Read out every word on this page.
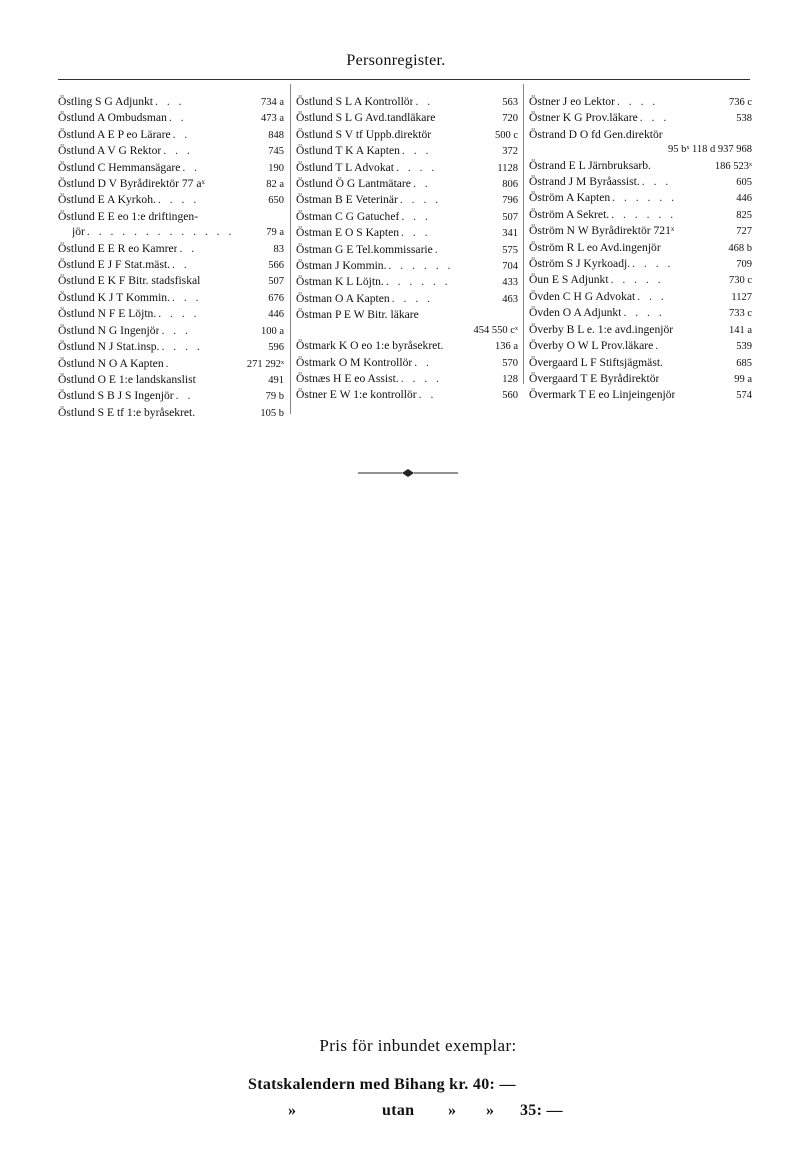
Personregister.
Östling S G Adjunkt . . .	734 a
Östlund A Ombudsman . .	473 a
Östlund A E P eo Lärare . .	848
Östlund A V G Rektor . . .	745
Östlund C Hemmansägare . .	190
Östlund D V Byrådirektör 77 aˣ	82 a
Östlund E A Kyrkoh. . . . .	650
Östlund E E eo 1:e driftingen-
jör . . . . . . . . . . . . .	79 a
Östlund E E R eo Kamrer . .	83
Östlund E J F Stat.mäst. . .	566
Östlund E K F Bitr. stadsfiskal	507
Östlund K J T Kommin. . . .	676
Östlund N F E Löjtn. . . . .	446
Östlund N G Ingenjör . . .	100 a
Östlund N J Stat.insp. . . . .	596
Östlund N O A Kapten .	271 292ˣ
Östlund O E 1:e landskanslist	491
Östlund S B J S Ingenjör . .	79 b
Östlund S E tf 1:e byråsekret.	105 b
Östlund S L A Kontrollör . .	563
Östlund S L G Avd.tandläkare	720
Östlund S V tf Uppb.direktör	500 c
Östlund T K A Kapten . . .	372
Östlund T L Advokat . . . .	1128
Östlund Ö G Lantmätare . .	806
Östman B E Veterinär . . . .	796
Östman C G Gatuchef . . .	507
Östman E O S Kapten . . .	341
Östman G E Tel.kommissarie .	575
Östman J Kommin. . . . . . .	704
Östman K L Löjtn. . . . . . .	433
Östman O A Kapten . . . .	463
Östman P E W Bitr. läkare
454 550 cˣ
Östmark K O eo 1:e byråsekret.	136 a
Östmark O M Kontrollör . .	570
Östnæs H E eo Assist. . . . .	128
Östner E W 1:e kontrollör . .	560
Östner J eo Lektor . . . .	736 c
Östner K G Prov.läkare . . .	538
Östrand D O fd Gen.direktör
95 bˣ 118 d 937 968
Östrand E L Järnbruksarb.	186 523ˣ
Östrand J M Byråassist. . . .	605
Öström A Kapten . . . . . .	446
Öström A Sekret. . . . . . .	825
Öström N W Byrådirektör 721ˣ	727
Öström R L eo Avd.ingenjör	468 b
Öström S J Kyrkoadj. . . . .	709
Öun E S Adjunkt . . . . .	730 c
Övden C H G Advokat . . .	1127
Övden O A Adjunkt . . . .	733 c
Överby B L e. 1:e avd.ingenjör	141 a
Överby O W L Prov.läkare .	539
Övergaard L F Stiftsjägmäst.	685
Övergaard T E Byrådirektör	99 a
Övermark T E eo Linjeingenjör	574
Pris för inbundet exemplar:
Statskalendern med Bihang kr. 40: —
»	utan » » 35: —
